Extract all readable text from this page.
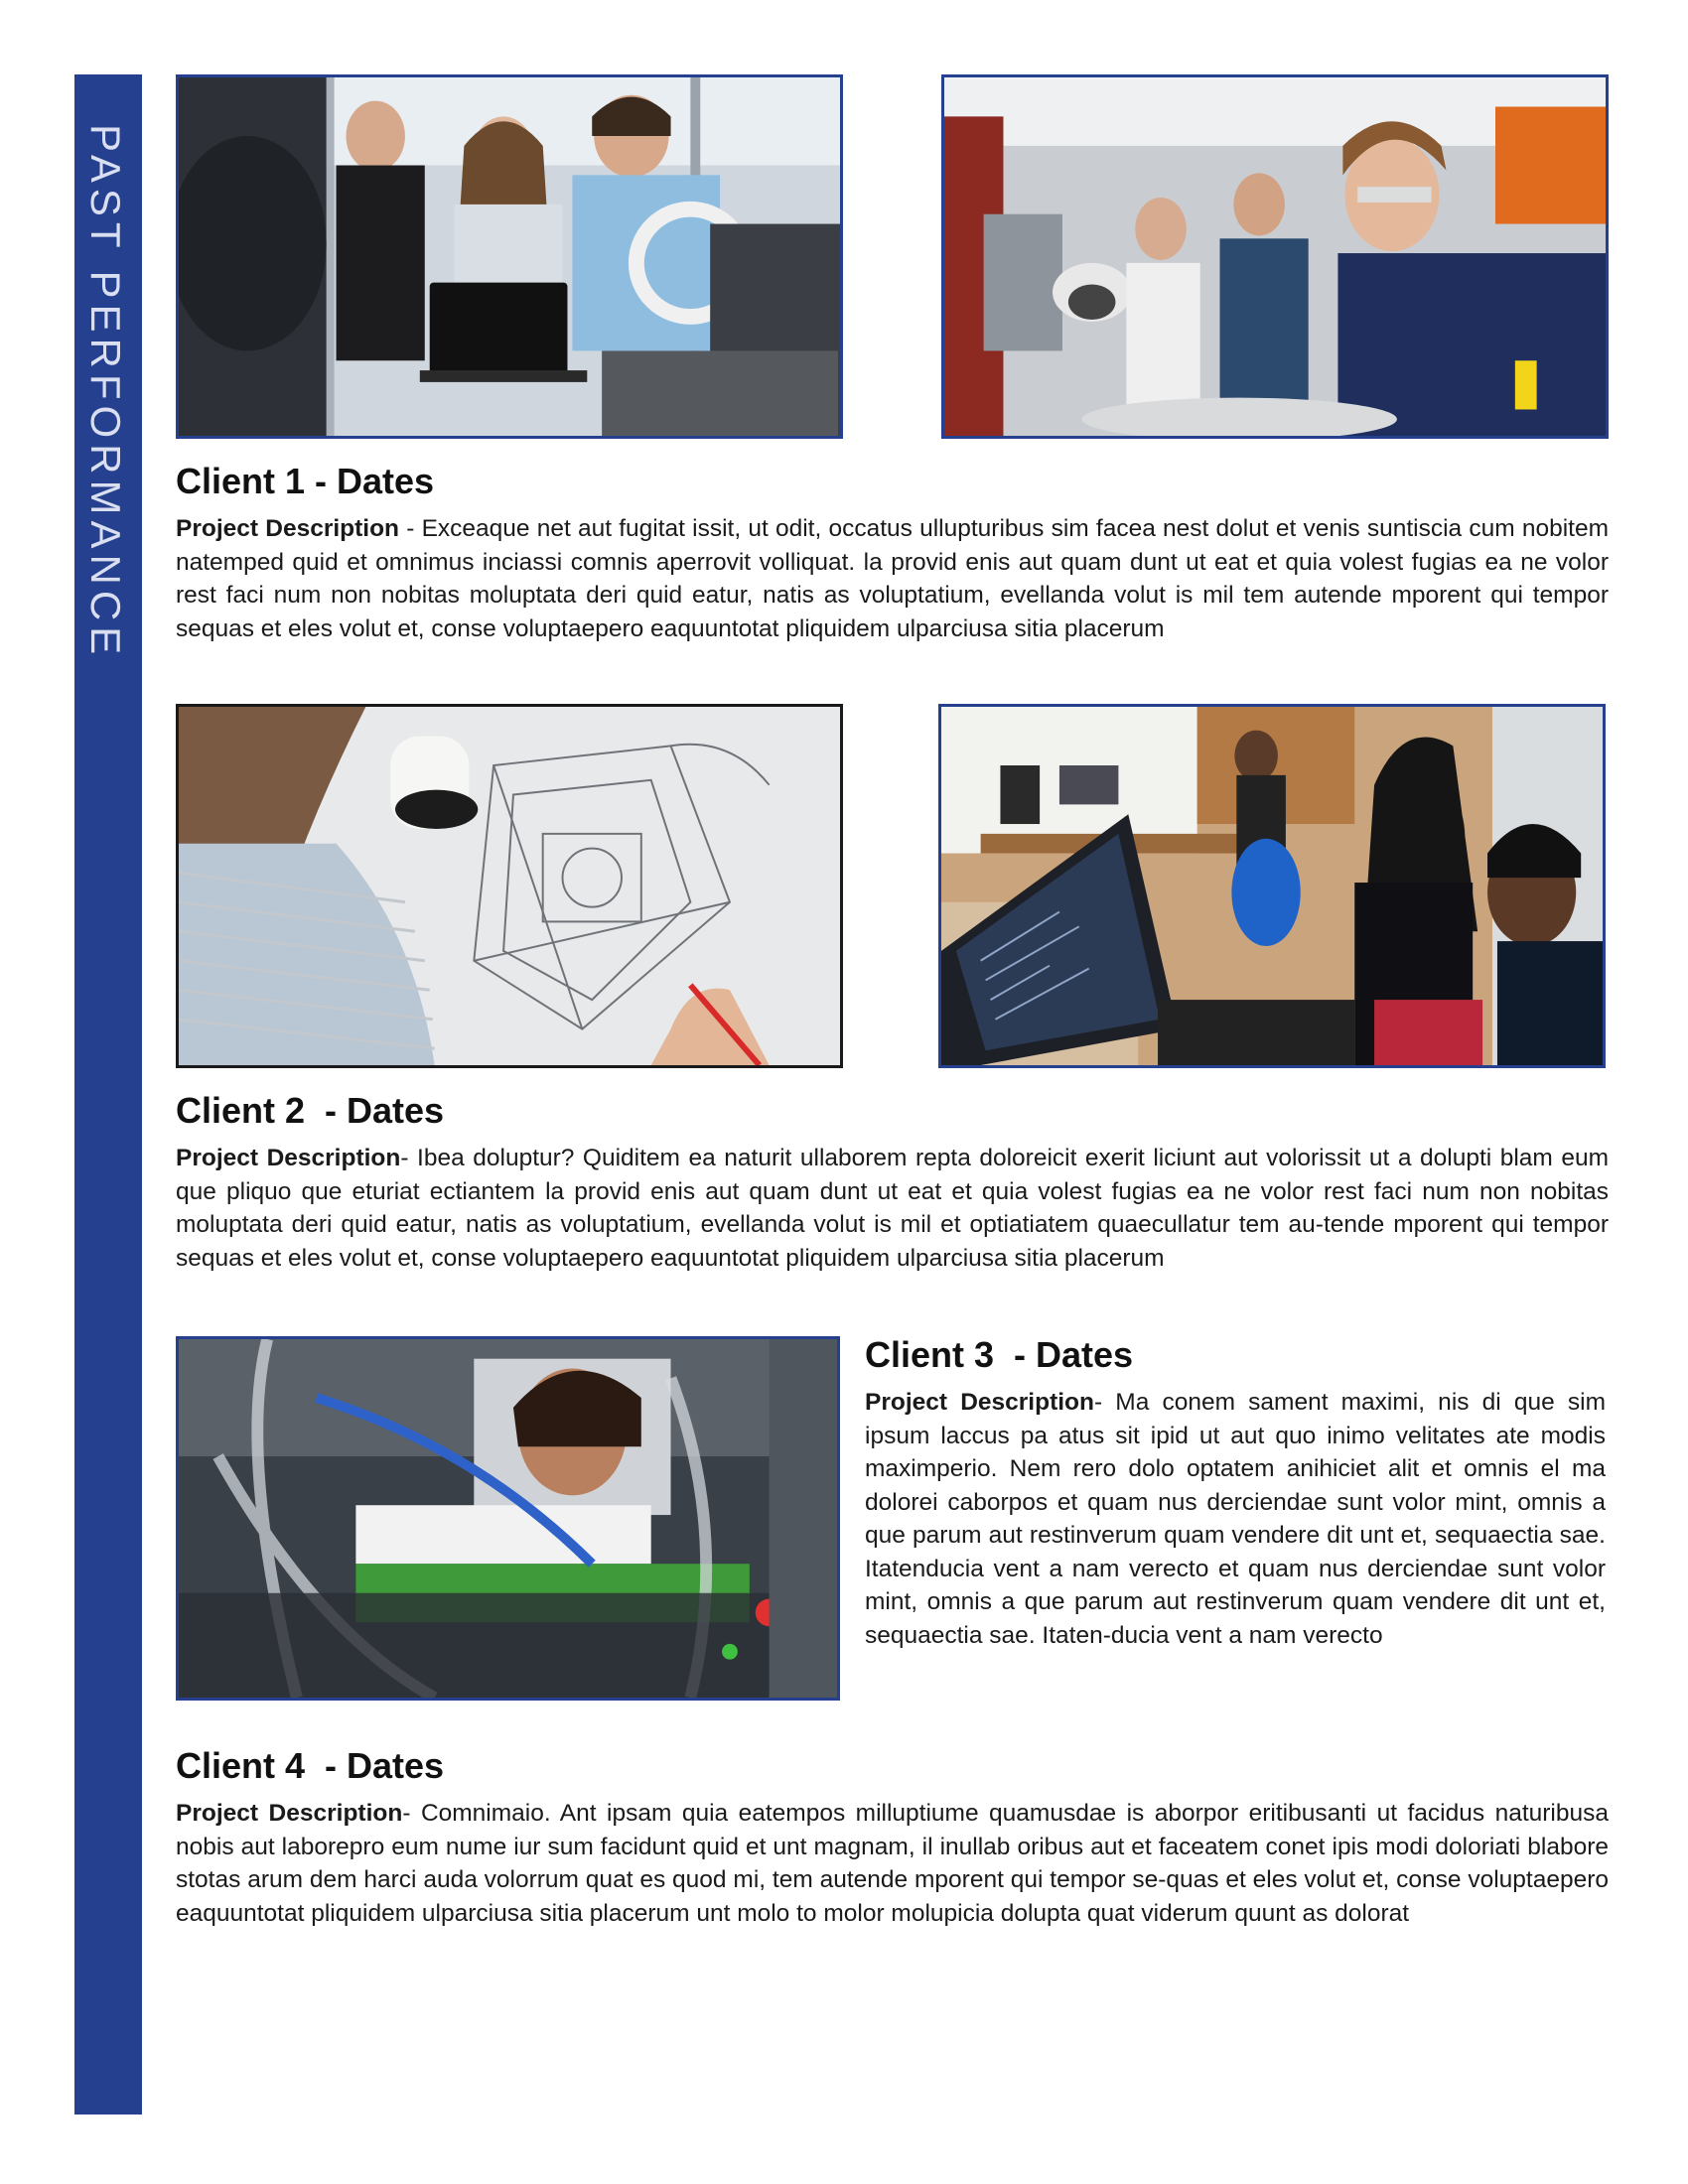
PAST PERFORMANCE Client 1 - Dates
Project Description - Exceaque net aut fugitat issit, ut odit, occatus ullupturibus sim facea nest dolut et venis suntiscia cum nobitem natemped quid et omnimus inciassi comnis aperrovit volliquat. la provid enis aut quam dunt ut eat et quia volest fugias ea ne volor rest faci num non nobitas moluptata deri quid eatur, natis as voluptatium, evellanda volut is mil tem autende mporent qui tempor sequas et eles volut et, conse voluptaepero eaquuntotat pliquidem ulparciusa sitia placerum
Client 2  - Dates
Project Description- Ibea doluptur? Quiditem ea naturit ullaborem repta doloreicit exerit liciunt aut volorissit ut a dolupti blam eum que pliquo que eturiat ectiantem la provid enis aut quam dunt ut eat et quia volest fugias ea ne volor rest faci num non nobitas moluptata deri quid eatur, natis as voluptatium, evellanda volut is mil et optiatiatem quaecullatur tem au-tende mporent qui tempor sequas et eles volut et, conse voluptaepero eaquuntotat pliquidem ulparciusa sitia placerum
Client 3  - Dates
Project Description- Ma conem sament maximi, nis di que sim ipsum laccus pa atus sit ipid ut aut quo inimo velitates ate modis maximperio. Nem rero dolo optatem anihiciet alit et omnis el ma dolorei caborpos et quam nus derciendae sunt volor mint, omnis a que parum aut restinverum quam vendere dit unt et, sequaectia sae. Itatenducia vent a nam verecto et quam nus derciendae sunt volor mint, omnis a que parum aut restinverum quam vendere dit unt et, sequaectia sae. Itaten-ducia vent a nam verecto
Client 4  - Dates
Project Description- Comnimaio. Ant ipsam quia eatempos milluptiume quamusdae is aborpor eritibusanti ut facidus naturibusa nobis aut laborepro eum nume iur sum facidunt quid et unt magnam, il inullab oribus aut et faceatem conet ipis modi doloriati blabore stotas arum dem harci auda volorrum quat es quod mi, tem autende mporent qui tempor se-quas et eles volut et, conse voluptaepero eaquuntotat pliquidem ulparciusa sitia placerum unt molo to molor molupicia dolupta quat viderum quunt as dolorat
